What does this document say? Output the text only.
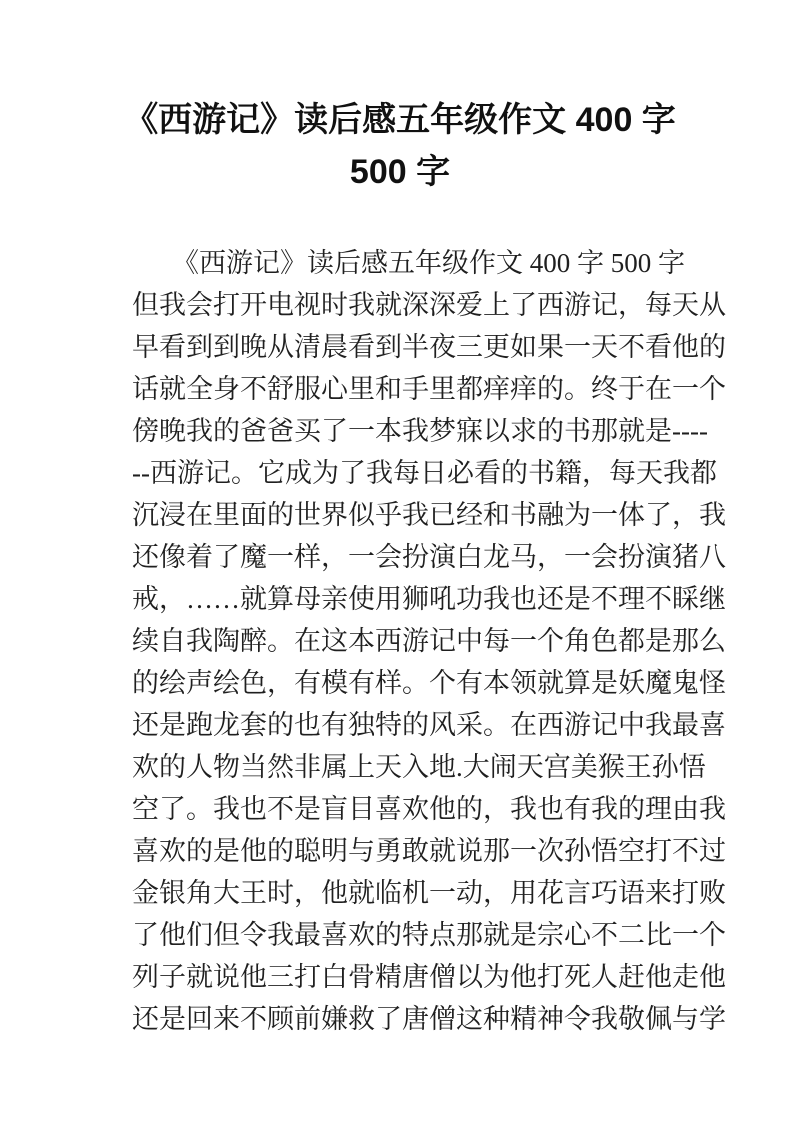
《西游记》读后感五年级作文 400 字
500 字
《西游记》读后感五年级作文 400 字 500 字
但我会打开电视时我就深深爱上了西游记，每天从
早看到到晚从清晨看到半夜三更如果一天不看他的
话就全身不舒服心里和手里都痒痒的。终于在一个
傍晚我的爸爸买了一本我梦寐以求的书那就是----
--西游记。它成为了我每日必看的书籍，每天我都
沉浸在里面的世界似乎我已经和书融为一体了，我
还像着了魔一样，一会扮演白龙马，一会扮演猪八
戒，……就算母亲使用狮吼功我也还是不理不睬继
续自我陶醉。在这本西游记中每一个角色都是那么
的绘声绘色，有模有样。个有本领就算是妖魔鬼怪
还是跑龙套的也有独特的风采。在西游记中我最喜
欢的人物当然非属上天入地.大闹天宫美猴王孙悟
空了。我也不是盲目喜欢他的，我也有我的理由我
喜欢的是他的聪明与勇敢就说那一次孙悟空打不过
金银角大王时，他就临机一动，用花言巧语来打败
了他们但令我最喜欢的特点那就是宗心不二比一个
列子就说他三打白骨精唐僧以为他打死人赶他走他
还是回来不顾前嫌救了唐僧这种精神令我敬佩与学
